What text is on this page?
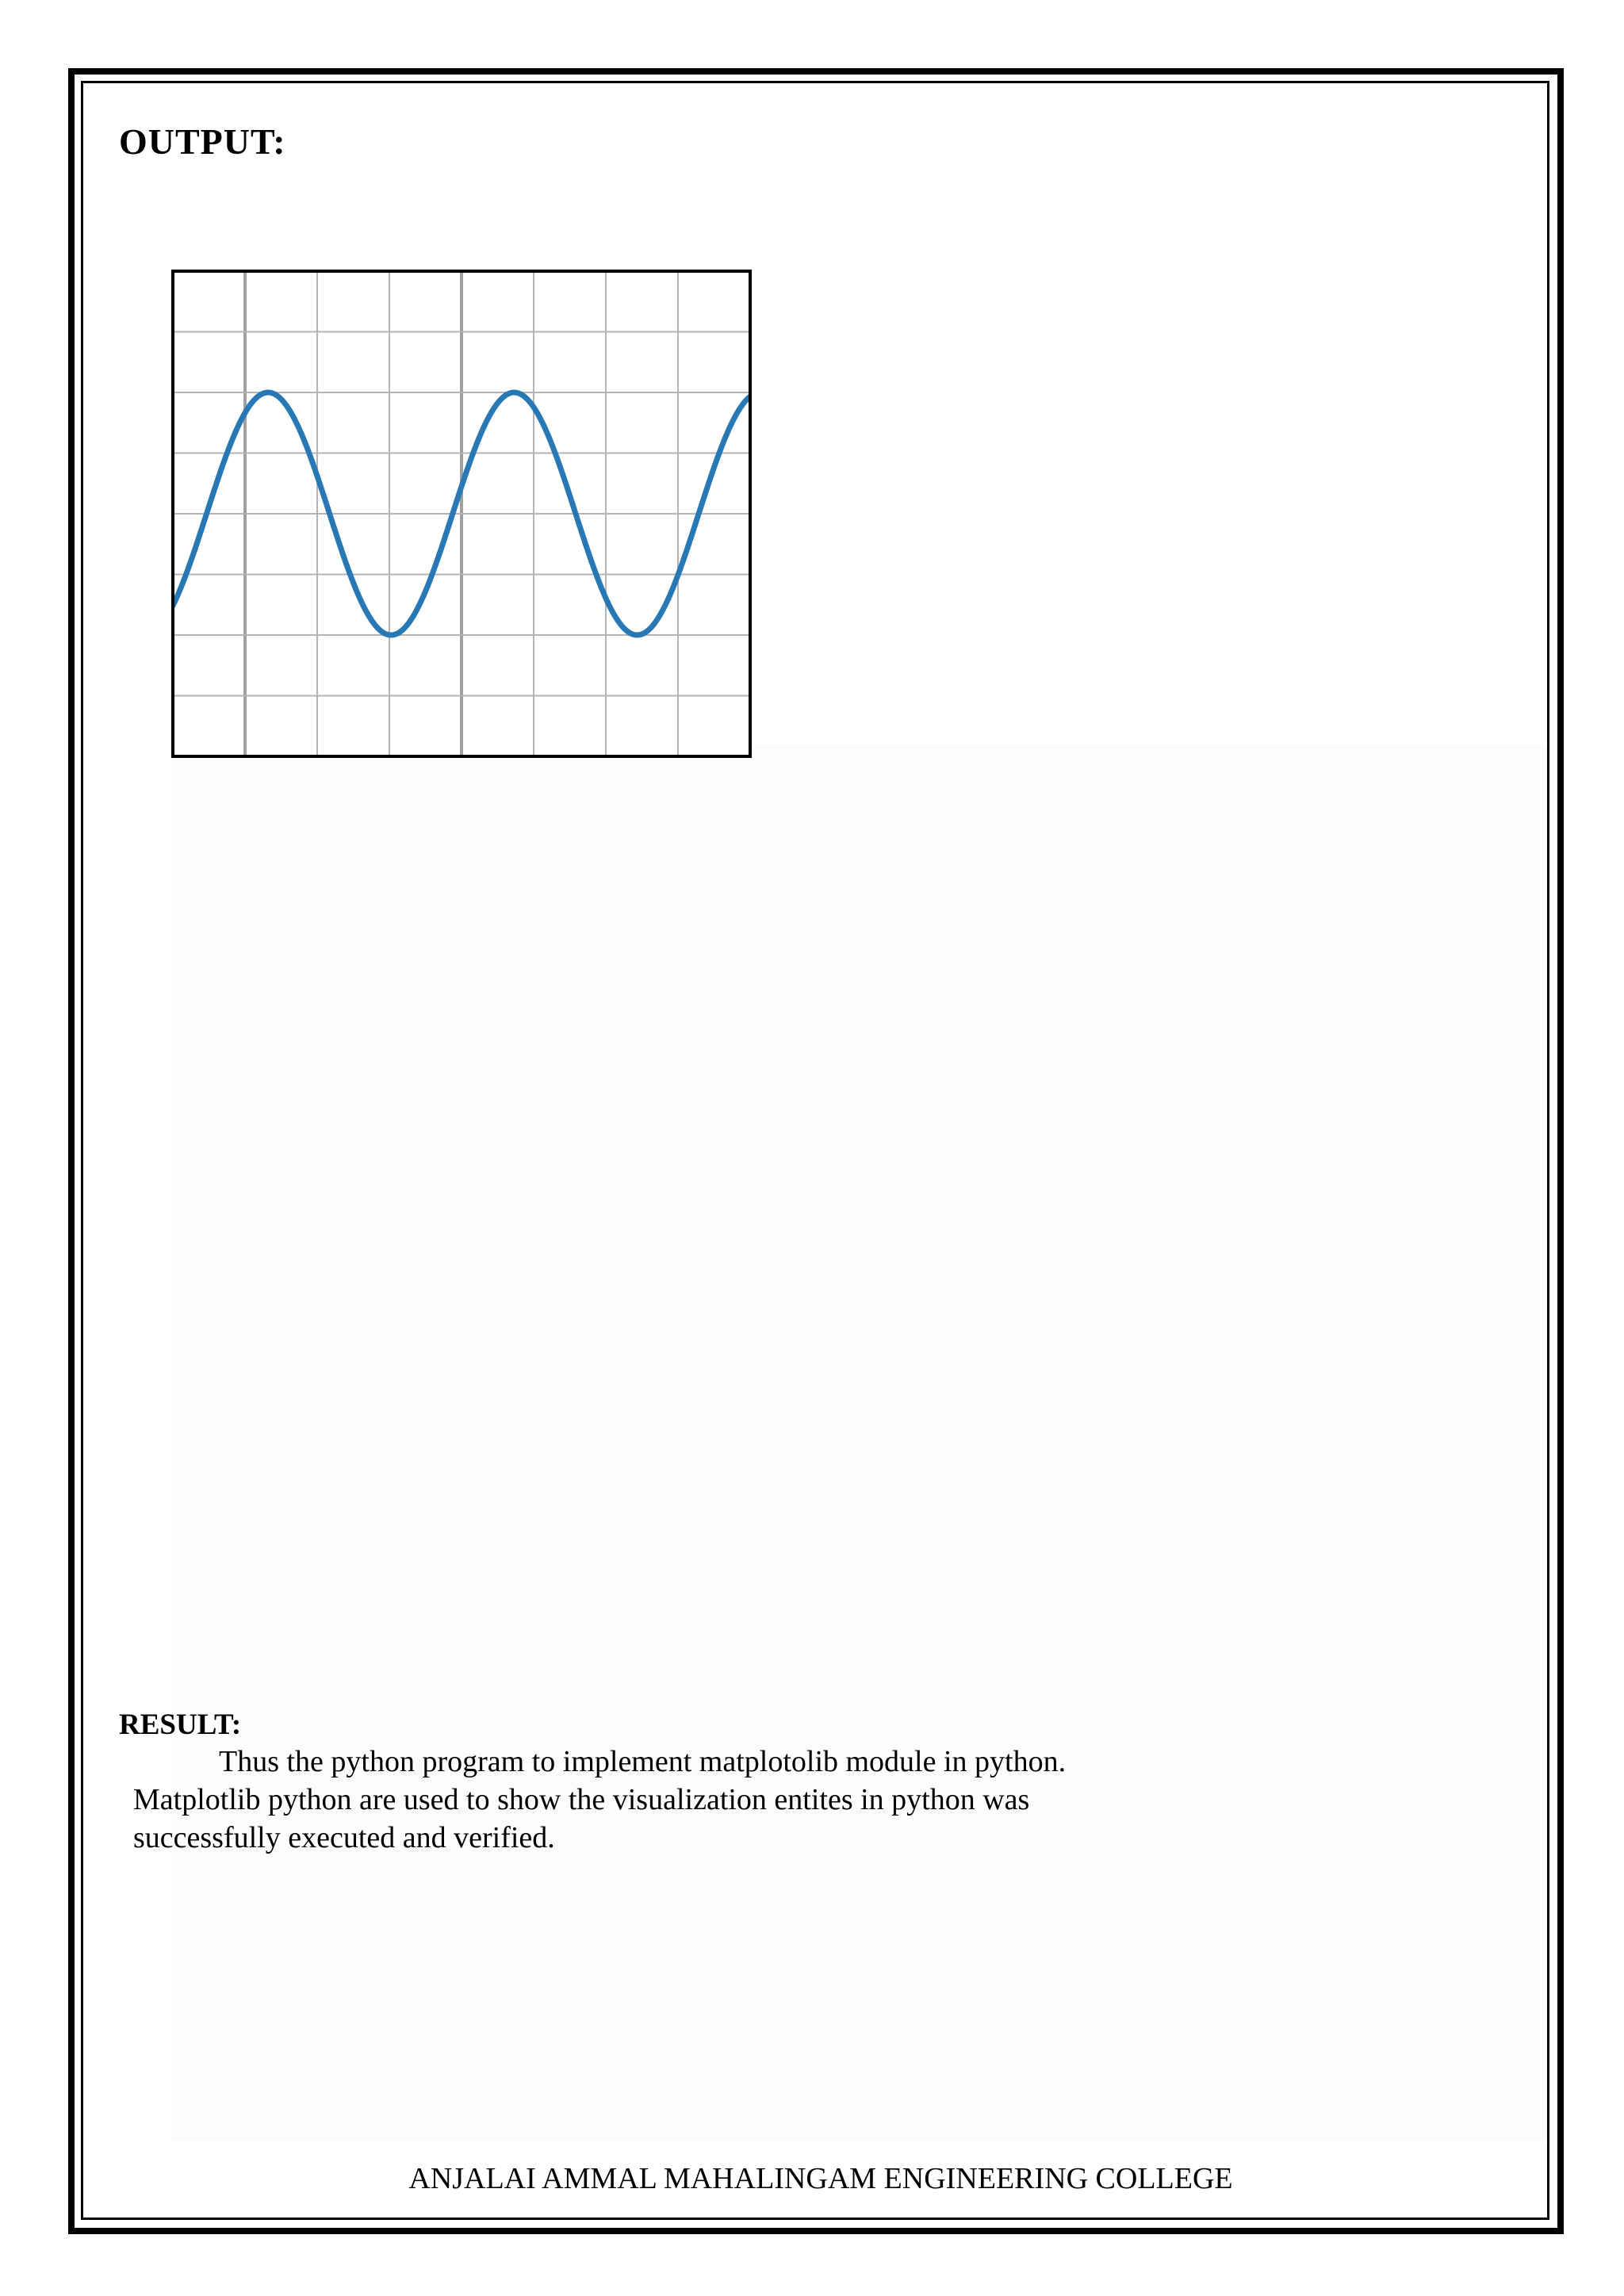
OUTPUT:
RESULT:

Thus the python program to implement matplotolib module in python.

Matplotlib python are used to show the visualization entites in python was

successfully executed and verified.

ANJALAI AMMAL MAHALINGAM ENGINEERING COLLEGE
